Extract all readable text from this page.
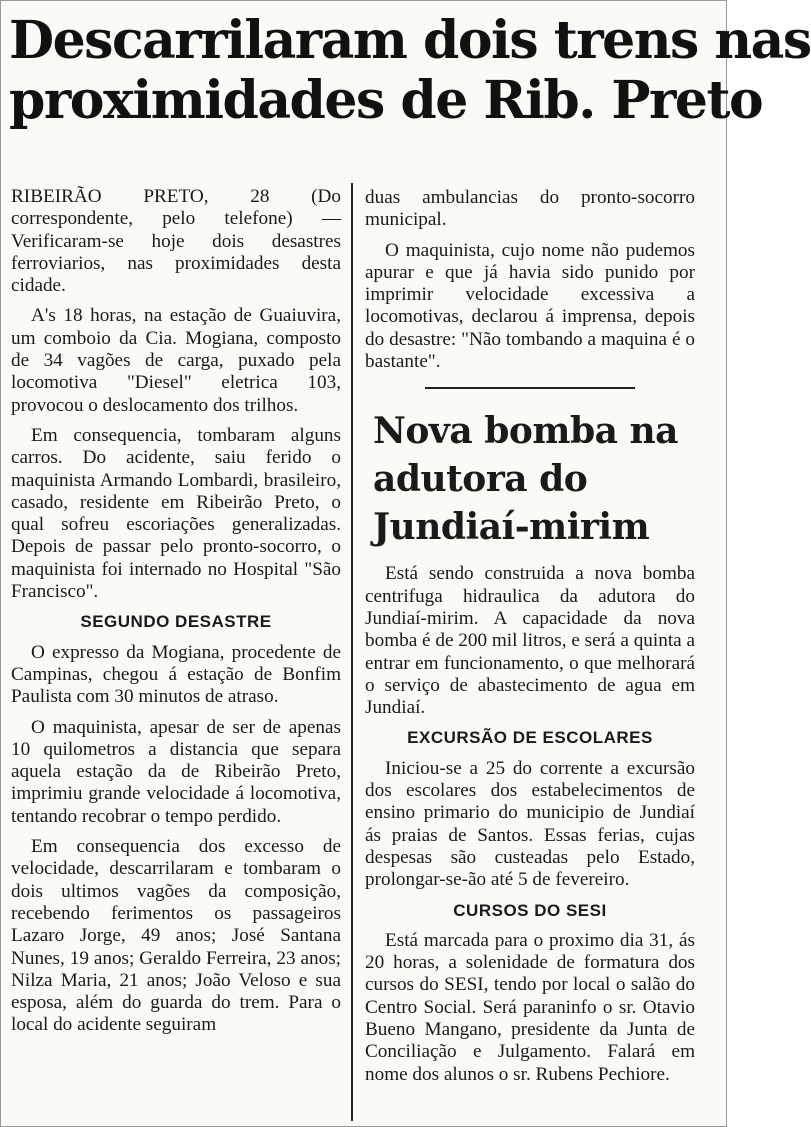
Descarrilaram dois trens nas
proximidades de Rib. Preto

RIBEIRÃO PRETO, 28 (Do correspondente, pelo telefone) — Verificaram-se hoje dois desastres ferroviarios, nas proximidades desta cidade.

A's 18 horas, na estação de Guaiuvira, um comboio da Cia. Mogiana, composto de 34 vagões de carga, puxado pela locomotiva "Diesel" eletrica 103, provocou o deslocamento dos trilhos.

Em consequencia, tombaram alguns carros. Do acidente, saiu ferido o maquinista Armando Lombardi, brasileiro, casado, residente em Ribeirão Preto, o qual sofreu escoriações generalizadas. Depois de passar pelo pronto-socorro, o maquinista foi internado no Hospital "São Francisco".

SEGUNDO DESASTRE

O expresso da Mogiana, procedente de Campinas, chegou á estação de Bonfim Paulista com 30 minutos de atraso.

O maquinista, apesar de ser de apenas 10 quilometros a distancia que separa aquela estação da de Ribeirão Preto, imprimiu grande velocidade á locomotiva, tentando recobrar o tempo perdido.

Em consequencia dos excesso de velocidade, descarrilaram e tombaram o dois ultimos vagões da composição, recebendo ferimentos os passageiros Lazaro Jorge, 49 anos; José Santana Nunes, 19 anos; Geraldo Ferreira, 23 anos; Nilza Maria, 21 anos; João Veloso e sua esposa, além do guarda do trem. Para o local do acidente seguiram

duas ambulancias do pronto-socorro municipal.

O maquinista, cujo nome não pudemos apurar e que já havia sido punido por imprimir velocidade excessiva a locomotivas, declarou á imprensa, depois do desastre: "Não tombando a maquina é o bastante".

Nova bomba na
adutora do
Jundiaí-mirim

Está sendo construida a nova bomba centrifuga hidraulica da adutora do Jundiaí-mirim. A capacidade da nova bomba é de 200 mil litros, e será a quinta a entrar em funcionamento, o que melhorará o serviço de abastecimento de agua em Jundiaí.

EXCURSÃO DE ESCOLARES

Iniciou-se a 25 do corrente a excursão dos escolares dos estabelecimentos de ensino primario do municipio de Jundiaí ás praias de Santos. Essas ferias, cujas despesas são custeadas pelo Estado, prolongar-se-ão até 5 de fevereiro.

CURSOS DO SESI

Está marcada para o proximo dia 31, ás 20 horas, a solenidade de formatura dos cursos do SESI, tendo por local o salão do Centro Social. Será paraninfo o sr. Otavio Bueno Mangano, presidente da Junta de Conciliação e Julgamento. Falará em nome dos alunos o sr. Rubens Pechiore.
